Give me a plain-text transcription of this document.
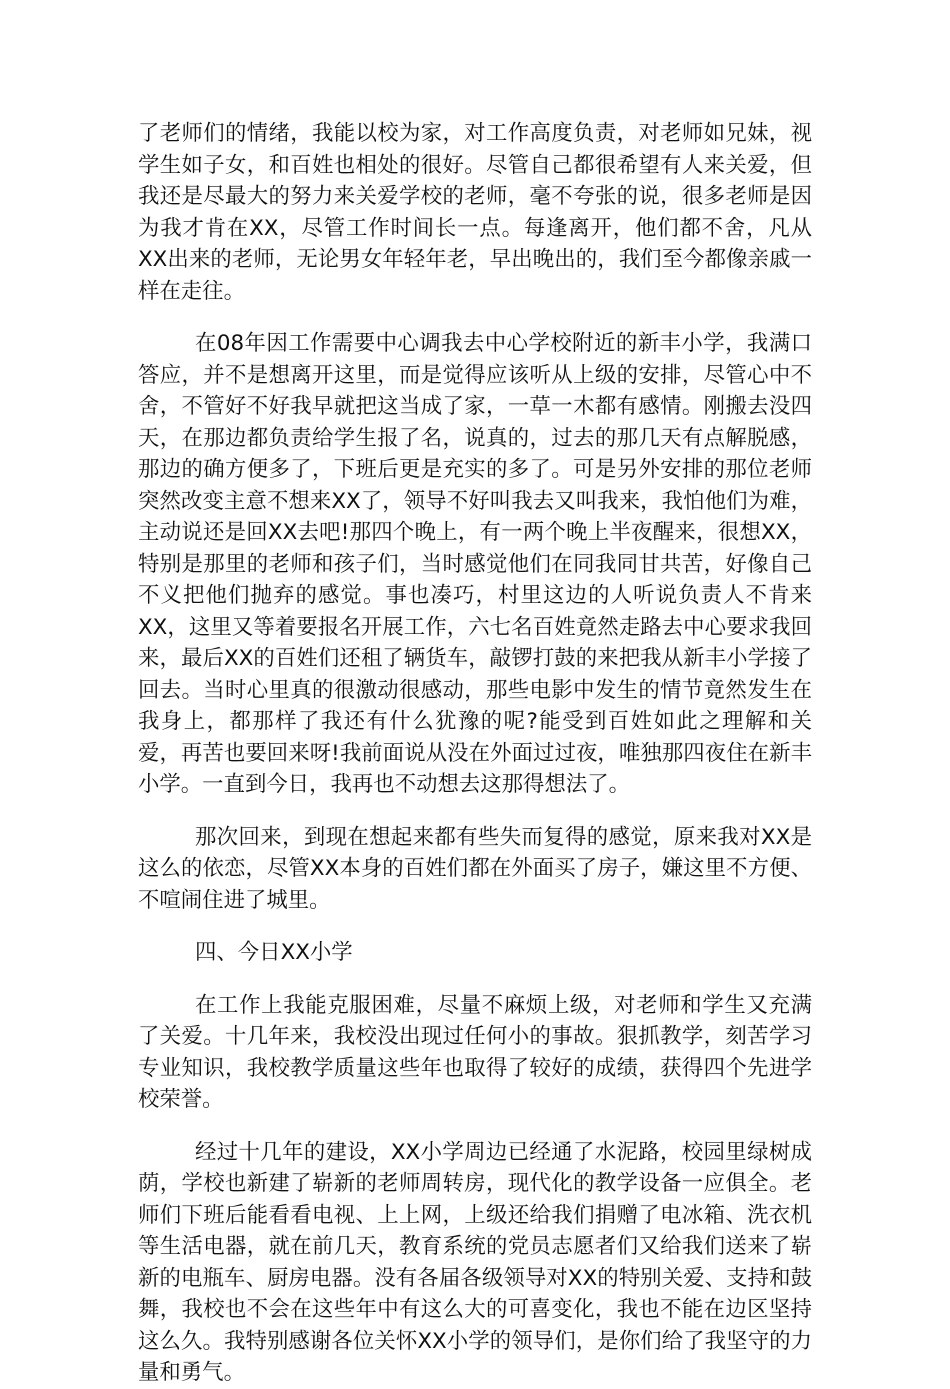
了老师们的情绪，我能以校为家，对工作高度负责，对老师如兄妹，视学生如子女，和百姓也相处的很好。尽管自己都很希望有人来关爱，但我还是尽最大的努力来关爱学校的老师，毫不夸张的说，很多老师是因为我才肯在XX，尽管工作时间长一点。每逢离开，他们都不舍，凡从XX出来的老师，无论男女年轻年老，早出晚出的，我们至今都像亲戚一样在走往。

在08年因工作需要中心调我去中心学校附近的新丰小学，我满口答应，并不是想离开这里，而是觉得应该听从上级的安排，尽管心中不舍，不管好不好我早就把这当成了家，一草一木都有感情。刚搬去没四天，在那边都负责给学生报了名，说真的，过去的那几天有点解脱感，那边的确方便多了，下班后更是充实的多了。可是另外安排的那位老师突然改变主意不想来XX了，领导不好叫我去又叫我来，我怕他们为难，主动说还是回XX去吧!那四个晚上，有一两个晚上半夜醒来，很想XX，特别是那里的老师和孩子们，当时感觉他们在同我同甘共苦，好像自己不义把他们抛弃的感觉。事也凑巧，村里这边的人听说负责人不肯来XX，这里又等着要报名开展工作，六七名百姓竟然走路去中心要求我回来，最后XX的百姓们还租了辆货车，敲锣打鼓的来把我从新丰小学接了回去。当时心里真的很激动很感动，那些电影中发生的情节竟然发生在我身上，都那样了我还有什么犹豫的呢?能受到百姓如此之理解和关爱，再苦也要回来呀!我前面说从没在外面过过夜，唯独那四夜住在新丰小学。一直到今日，我再也不动想去这那得想法了。

那次回来，到现在想起来都有些失而复得的感觉，原来我对XX是这么的依恋，尽管XX本身的百姓们都在外面买了房子，嫌这里不方便、不喧闹住进了城里。

四、今日XX小学

在工作上我能克服困难，尽量不麻烦上级，对老师和学生又充满了关爱。十几年来，我校没出现过任何小的事故。狠抓教学，刻苦学习专业知识，我校教学质量这些年也取得了较好的成绩，获得四个先进学校荣誉。

经过十几年的建设，XX小学周边已经通了水泥路，校园里绿树成荫，学校也新建了崭新的老师周转房，现代化的教学设备一应俱全。老师们下班后能看看电视、上上网，上级还给我们捐赠了电冰箱、洗衣机等生活电器，就在前几天，教育系统的党员志愿者们又给我们送来了崭新的电瓶车、厨房电器。没有各届各级领导对XX的特别关爱、支持和鼓舞，我校也不会在这些年中有这么大的可喜变化，我也不能在边区坚持这么久。我特别感谢各位关怀XX小学的领导们，是你们给了我坚守的力量和勇气。
